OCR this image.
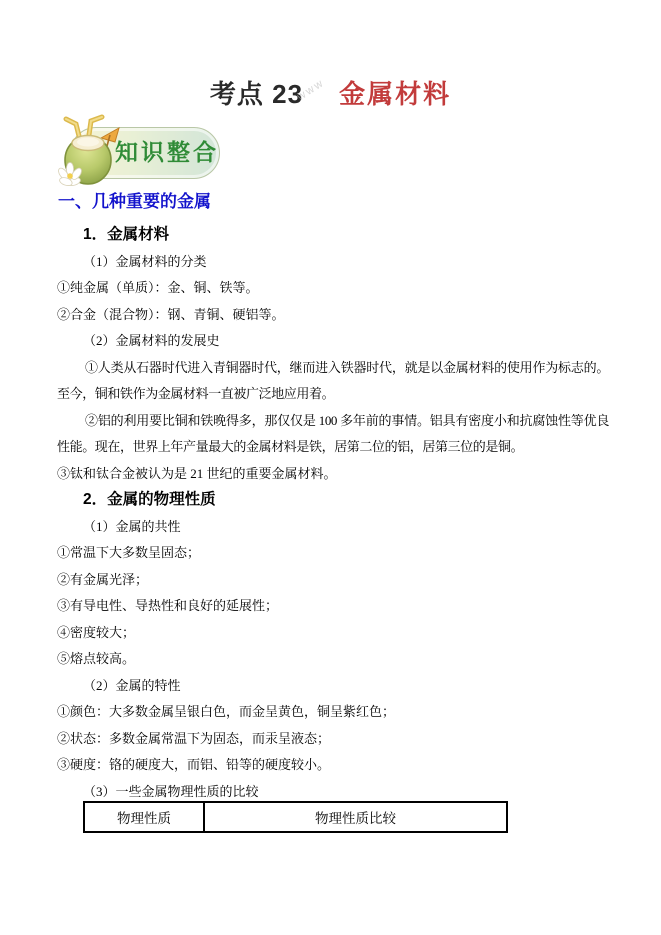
考点 23 金属材料
www
知识整合
一、几种重要的金属

1．金属材料

（1）金属材料的分类

①纯金属（单质）：金、铜、铁等。

②合金（混合物）：钢、青铜、硬铝等。

（2）金属材料的发展史

①人类从石器时代进入青铜器时代，继而进入铁器时代，就是以金属材料的使用作为标志的。至今，铜和铁作为金属材料一直被广泛地应用着。

②铝的利用要比铜和铁晚得多，那仅仅是 100 多年前的事情。铝具有密度小和抗腐蚀性等优良性能。现在，世界上年产量最大的金属材料是铁，居第二位的铝，居第三位的是铜。

③钛和钛合金被认为是 21 世纪的重要金属材料。

2．金属的物理性质

（1）金属的共性

①常温下大多数呈固态；

②有金属光泽；

③有导电性、导热性和良好的延展性；

④密度较大；

⑤熔点较高。

（2）金属的特性

①颜色：大多数金属呈银白色，而金呈黄色，铜呈紫红色；

②状态：多数金属常温下为固态，而汞呈液态；

③硬度：铬的硬度大，而铝、铅等的硬度较小。

（3）一些金属物理性质的比较

物理性质	物理性质比较
